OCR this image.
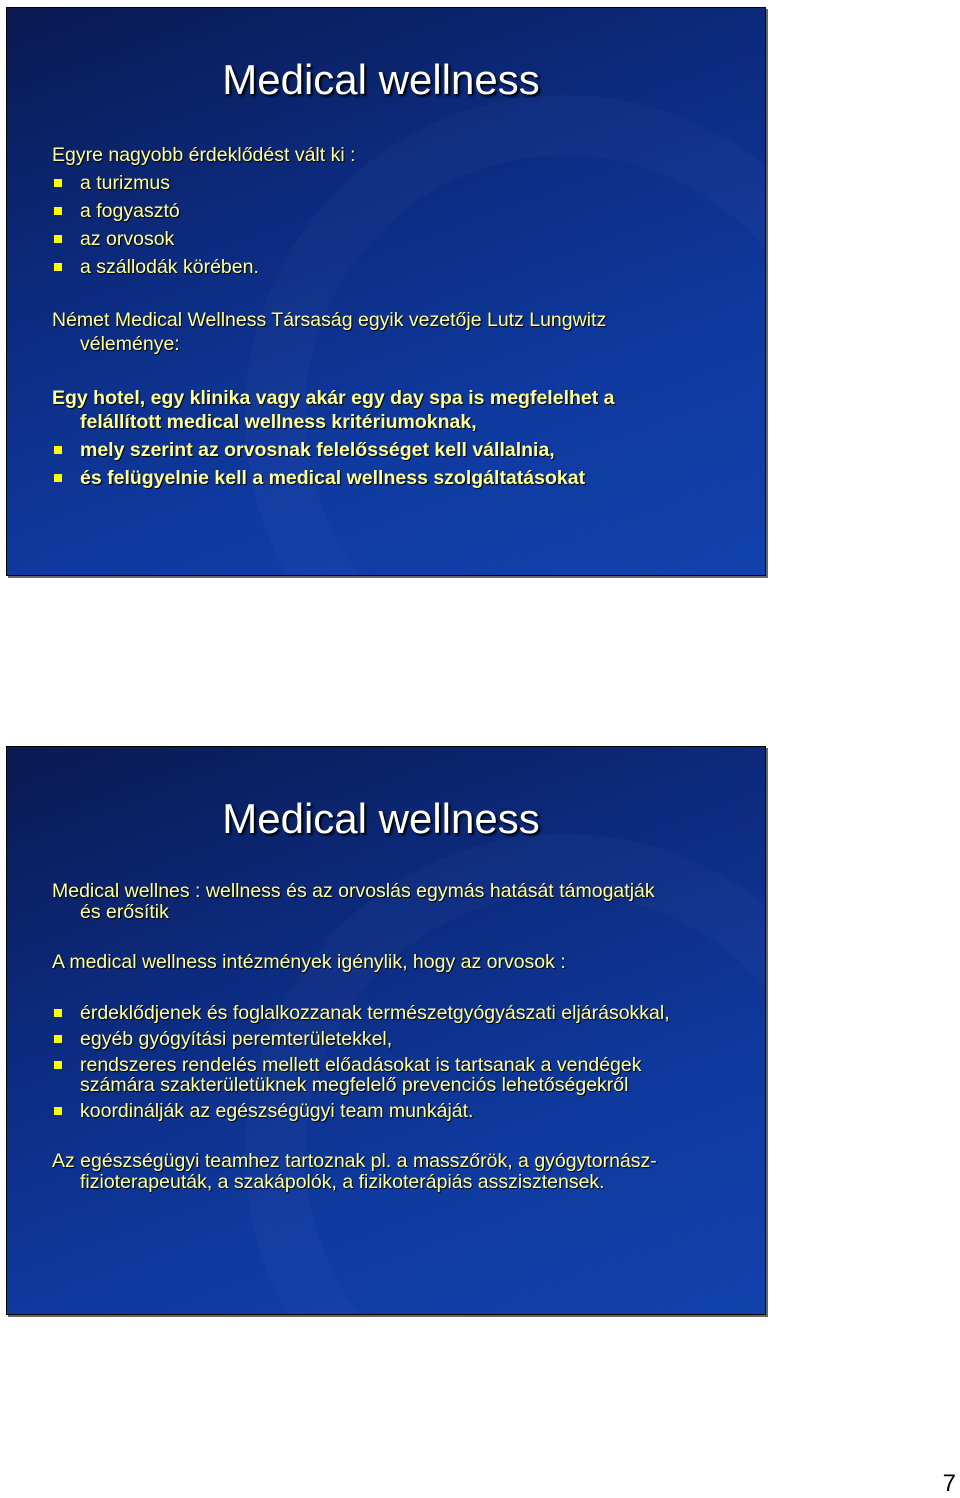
Medical wellness

Egyre nagyobb érdeklődést vált ki :

a turizmus

a fogyasztó

az orvosok

a szállodák körében.

Német Medical Wellness Társaság egyik vezetője Lutz Lungwitz

véleménye:

Egy hotel, egy klinika vagy akár egy day spa is megfelelhet a

felállított medical wellness kritériumoknak,

mely szerint az orvosnak felelősséget kell vállalnia,

és felügyelnie kell a medical wellness szolgáltatásokat

Medical wellness

Medical wellnes : wellness és az orvoslás egymás hatását támogatják

és erősítik

A medical wellness intézmények igénylik, hogy az orvosok :

érdeklődjenek és foglalkozzanak természetgyógyászati eljárásokkal,

egyéb gyógyítási peremterületekkel,

rendszeres rendelés mellett előadásokat is tartsanak a vendégek

számára szakterületüknek megfelelő prevenciós lehetőségekről

koordinálják az egészségügyi team munkáját.

Az egészségügyi teamhez tartoznak pl. a masszőrök, a gyógytornász-

fizioterapeuták, a szakápolók, a fizikoterápiás asszisztensek.

7
